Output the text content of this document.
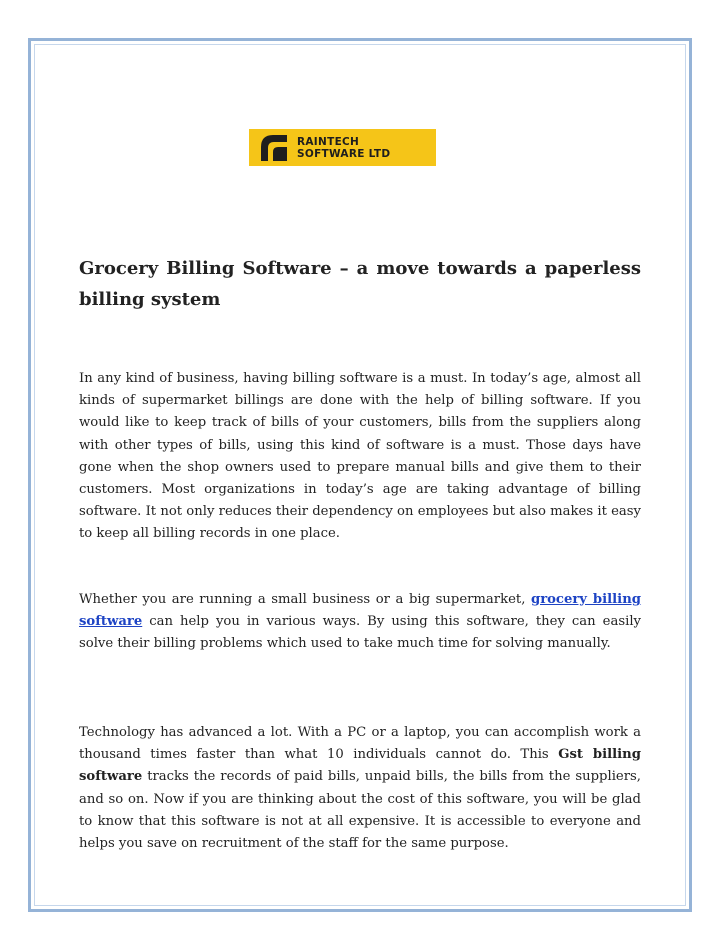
RAINTECH
SOFTWARE LTD
Grocery Billing Software – a move towards a paperless billing system

In any kind of business, having billing software is a must. In today’s age, almost all kinds of supermarket billings are done with the help of billing software. If you would like to keep track of bills of your customers, bills from the suppliers along with other types of bills, using this kind of software is a must. Those days have gone when the shop owners used to prepare manual bills and give them to their customers. Most organizations in today’s age are taking advantage of billing software. It not only reduces their dependency on employees but also makes it easy to keep all billing records in one place.

Whether you are running a small business or a big supermarket, grocery billing software can help you in various ways. By using this software, they can easily solve their billing problems which used to take much time for solving manually.

Technology has advanced a lot. With a PC or a laptop, you can accomplish work a thousand times faster than what 10 individuals cannot do. This Gst billing software tracks the records of paid bills, unpaid bills, the bills from the suppliers, and so on. Now if you are thinking about the cost of this software, you will be glad to know that this software is not at all expensive. It is accessible to everyone and helps you save on recruitment of the staff for the same purpose.
